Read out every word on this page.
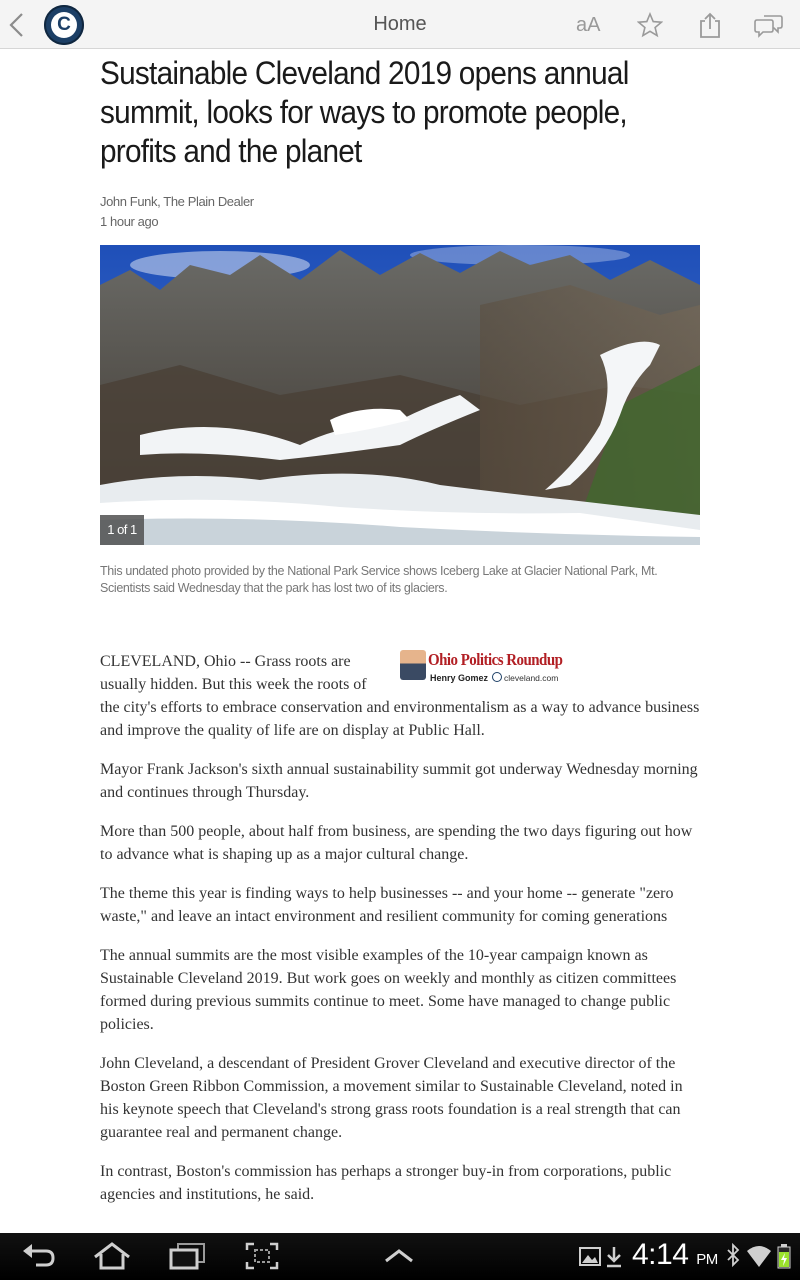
C	Home	aA
Sustainable Cleveland 2019 opens annual summit, looks for ways to promote people, profits and the planet
John Funk, The Plain Dealer
1 hour ago
1 of 1
This undated photo provided by the National Park Service shows Iceberg Lake at Glacier National Park, Mt. Scientists said Wednesday that the park has lost two of its glaciers.
Ohio Politics Roundup
Henry Gomez	cleveland.com

CLEVELAND, Ohio -- Grass roots are usually hidden. But this week the roots of the city's efforts to embrace conservation and environmentalism as a way to advance business and improve the quality of life are on display at Public Hall.

Mayor Frank Jackson's sixth annual sustainability summit got underway Wednesday morning and continues through Thursday.

More than 500 people, about half from business, are spending the two days figuring out how to advance what is shaping up as a major cultural change.

The theme this year is finding ways to help businesses -- and your home -- generate "zero waste," and leave an intact environment and resilient community for coming generations

The annual summits are the most visible examples of the 10-year campaign known as Sustainable Cleveland 2019. But work goes on weekly and monthly as citizen committees formed during previous summits continue to meet. Some have managed to change public policies.

John Cleveland, a descendant of President Grover Cleveland and executive director of the Boston Green Ribbon Commission, a movement similar to Sustainable Cleveland, noted in his keynote speech that Cleveland's strong grass roots foundation is a real strength that can guarantee real and permanent change.

In contrast, Boston's commission has perhaps a stronger buy-in from corporations, public agencies and institutions, he said.

4:14 PM
